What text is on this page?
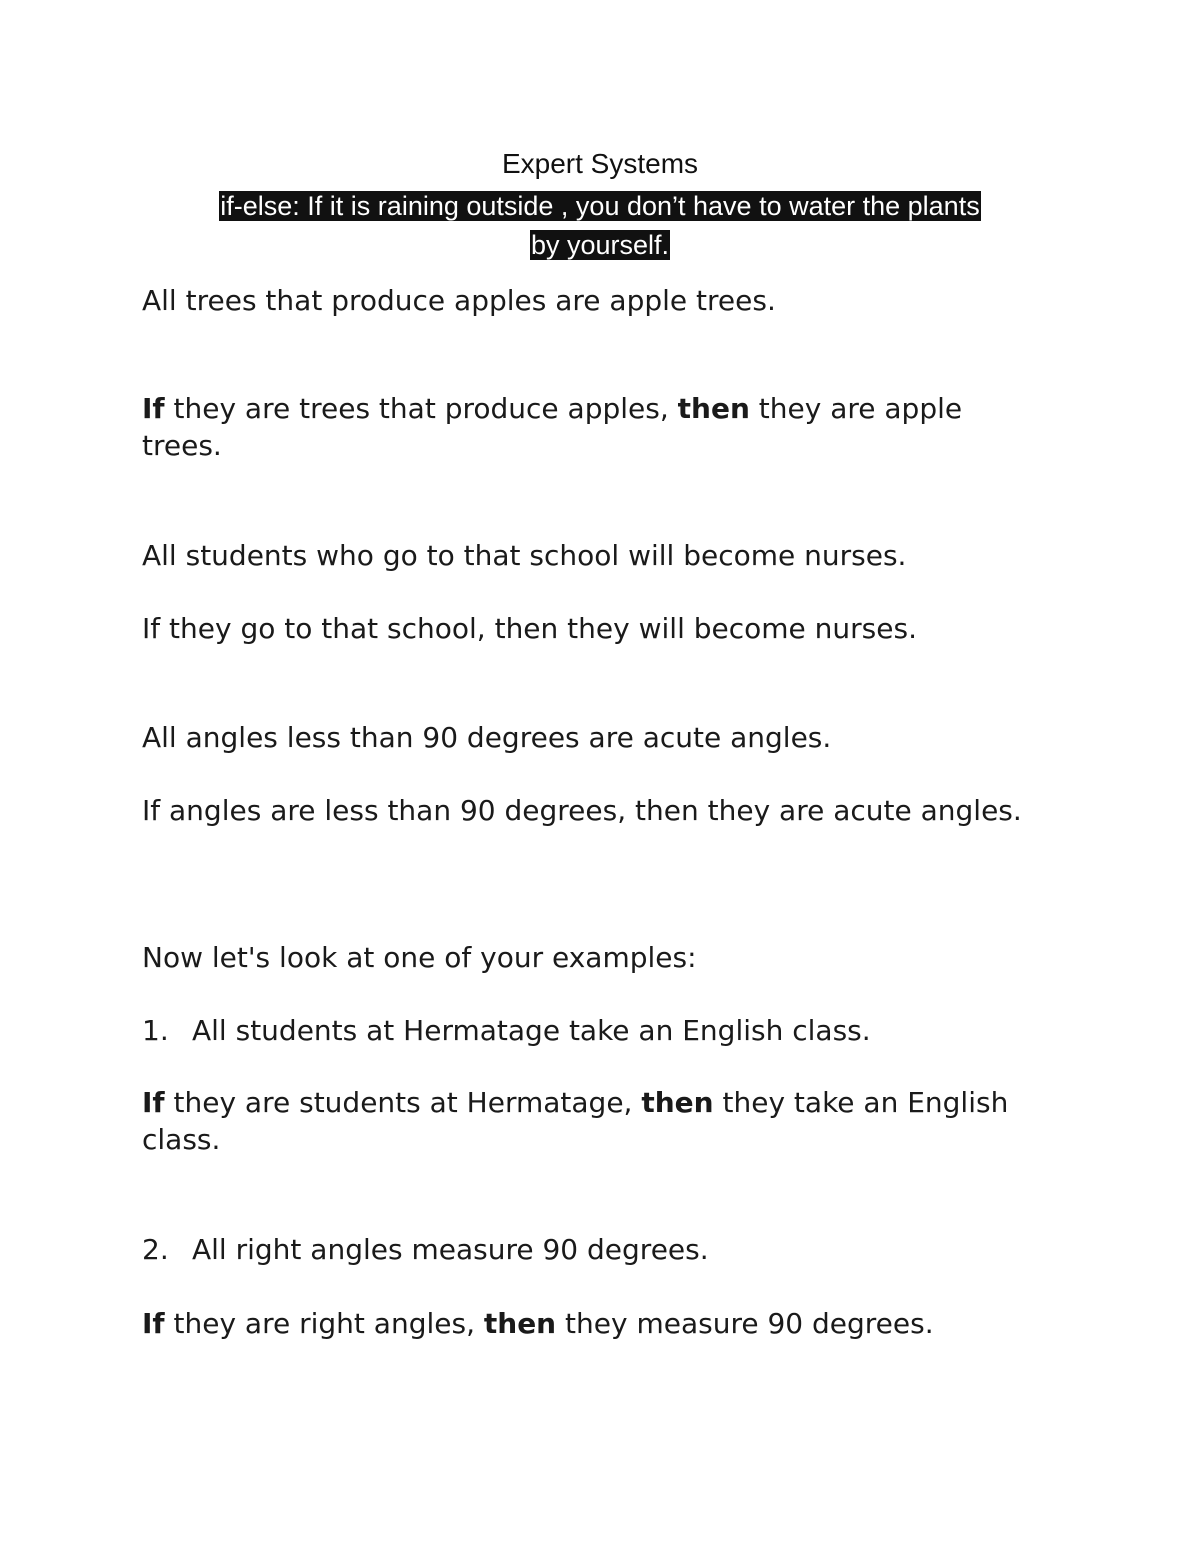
Expert Systems
if-else: If it is raining outside , you don’t have to water the plants
by yourself.
All trees that produce apples are apple trees.
If they are trees that produce apples, then they are apple trees.
All students who go to that school will become nurses.
If they go to that school, then they will become nurses.
All angles less than 90 degrees are acute angles.
If angles are less than 90 degrees, then they are acute angles.
Now let's look at one of your examples:
1. All students at Hermatage take an English class.
If they are students at Hermatage, then they take an English class.
2. All right angles measure 90 degrees.
If they are right angles, then they measure 90 degrees.
